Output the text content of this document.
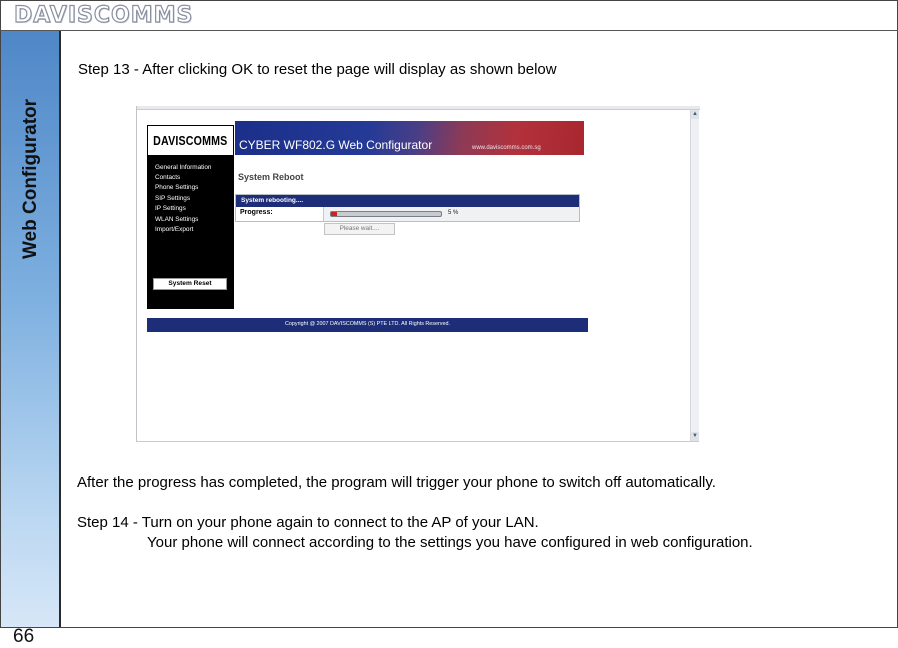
DAVISCOMMS
Web Configurator
66
Step 13 - After clicking OK to reset the page will display as shown below
▲
▼
DAVISCOMMS CYBER WF802.G Web Configurator	www.daviscomms.com.sg
General Information
Contacts
Phone Settings
SIP Settings
IP Settings
WLAN Settings
Import/Export
System Reset
System Reboot
System rebooting....
Progress:	5 %
Please wait....
Copyright @ 2007 DAVISCOMMS (S) PTE LTD. All Rights Reserved.
After the progress has completed, the program will trigger your phone to switch off automatically.
Step 14 - Turn on your phone again to connect to the AP of your LAN.
Your phone will connect according to the settings you have configured in web configuration.
